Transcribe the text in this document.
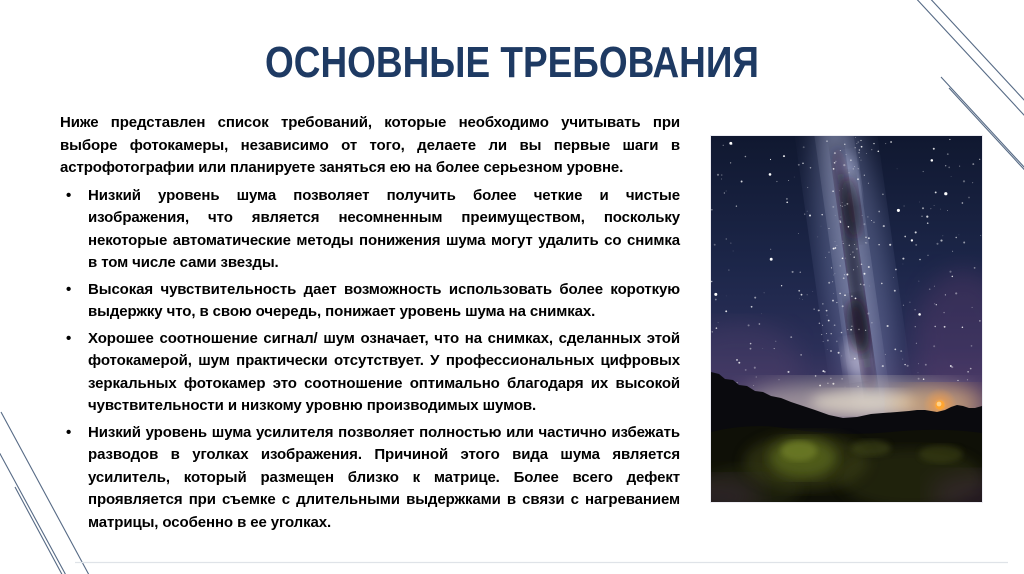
ОСНОВНЫЕ ТРЕБОВАНИЯ

Ниже представлен список требований, которые необходимо учитывать при выборе фотокамеры, независимо от того, делаете ли вы первые шаги в астрофотографии или планируете заняться ею на более серьезном уровне.

• Низкий уровень шума позволяет получить более четкие и чистые изображения, что является несомненным преимуществом, поскольку некоторые автоматические методы понижения шума могут удалить со снимка в том числе сами звезды.
• Высокая чувствительность дает возможность использовать более короткую выдержку что, в свою очередь, понижает уровень шума на снимках.
• Хорошее соотношение сигнал/ шум означает, что на снимках, сделанных этой фотокамерой, шум практически отсутствует. У профессиональных цифровых зеркальных фотокамер это соотношение оптимально благодаря их высокой чувствительности и низкому уровню производимых шумов.
• Низкий уровень шума усилителя позволяет полностью или частично избежать разводов в уголках изображения. Причиной этого вида шума является усилитель, который размещен близко к матрице. Более всего дефект проявляется при съемке с длительными выдержками в связи с нагреванием матрицы, особенно в ее уголках.
